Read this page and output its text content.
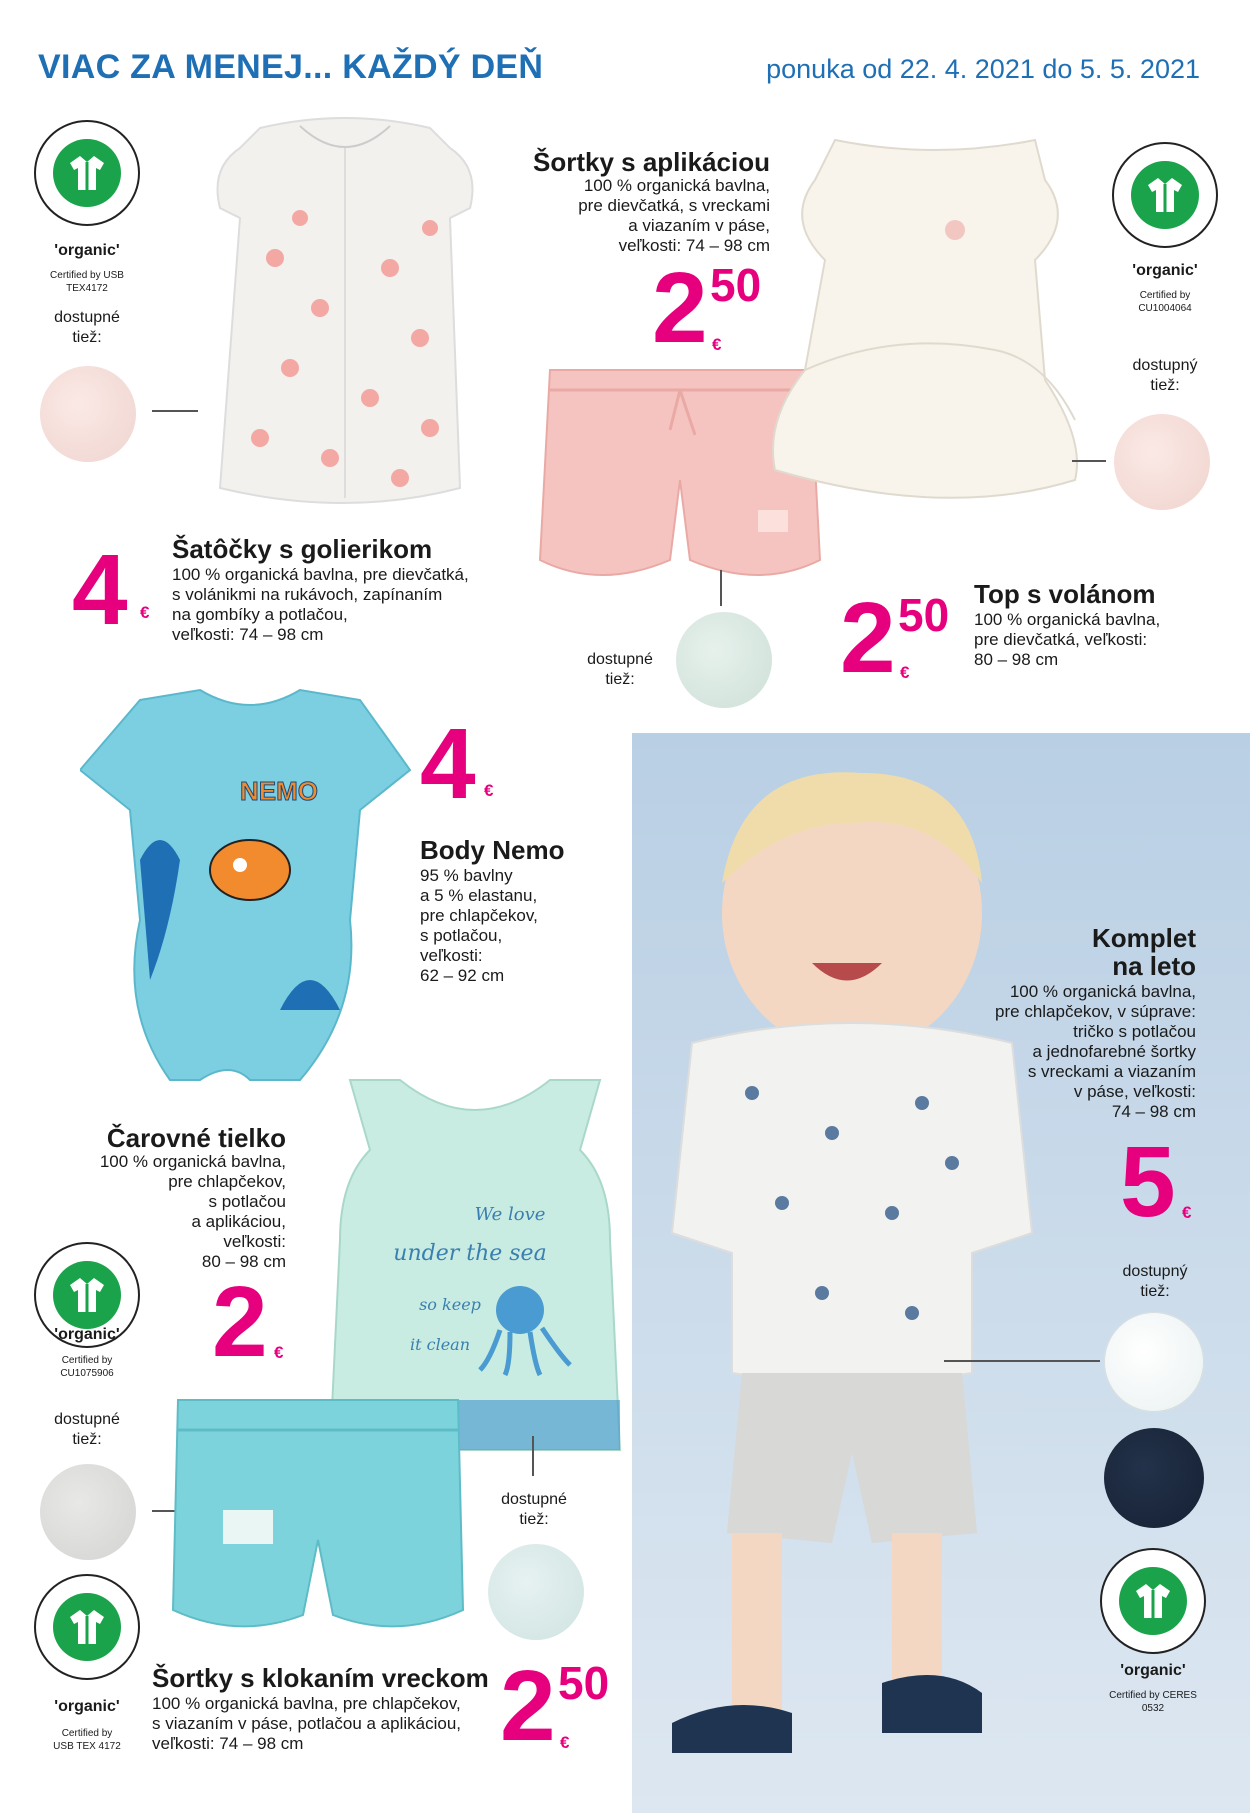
VIAC ZA MENEJ... KAŽDÝ DEŇ	ponuka od 22. 4. 2021 do 5. 5. 2021
'organic'
Certified by USB
TEX4172
dostupné
tiež:
4 €
Šatôčky s golierikom
100 % organická bavlna, pre dievčatká,
s volánikmi na rukávoch, zapínaním
na gombíky a potlačou,
veľkosti: 74 – 98 cm
Šortky s aplikáciou
100 % organická bavlna,
pre dievčatká, s vreckami
a viazaním v páse,
veľkosti: 74 – 98 cm
2 50
€
dostupné
tiež:
'organic'
Certified by
CU1004064
dostupný
tiež:
2 50
€
Top s volánom
100 % organická bavlna,
pre dievčatká, veľkosti:
80 – 98 cm
NEMO 4 €
Body Nemo
95 % bavlny
a 5 % elastanu,
pre chlapčekov,
s potlačou,
veľkosti:
62 – 92 cm
Komplet
na leto
100 % organická bavlna,
pre chlapčekov, v súprave:
tričko s potlačou
a jednofarebné šortky
s vreckami a viazaním
v páse, veľkosti:
74 – 98 cm
5 €
dostupný
tiež:
'organic'
Certified by CERES
0532
under the sea
We love
so keep
it clean
Čarovné tielko
100 % organická bavlna,
pre chlapčekov,
s potlačou
a aplikáciou,
veľkosti:
80 – 98 cm
2 €
'organic'
Certified by
CU1075906
dostupné
tiež:
dostupné
tiež:
'organic'
Certified by
USB TEX 4172
Šortky s klokaním vreckom
100 % organická bavlna, pre chlapčekov,
s viazaním v páse, potlačou a aplikáciou,
veľkosti: 74 – 98 cm	2 50
€
